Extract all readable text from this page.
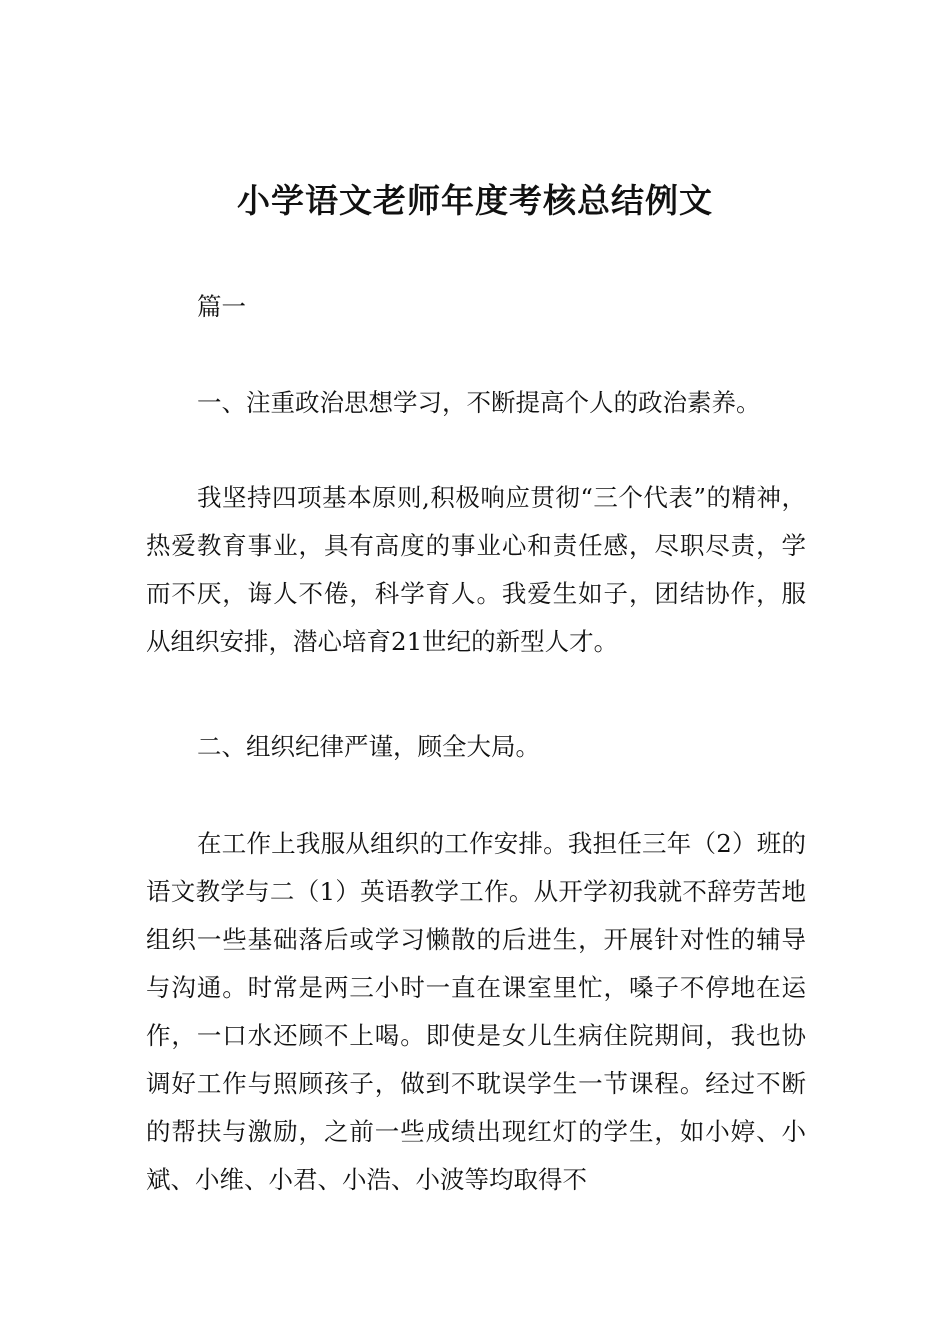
小学语文老师年度考核总结例文
篇一
一、注重政治思想学习，不断提高个人的政治素养。
我坚持四项基本原则,积极响应贯彻“三个代表”的精神，热爱教育事业，具有高度的事业心和责任感，尽职尽责，学而不厌，诲人不倦，科学育人。我爱生如子，团结协作，服从组织安排，潜心培育21世纪的新型人才。
二、组织纪律严谨，顾全大局。
在工作上我服从组织的工作安排。我担任三年（2）班的语文教学与二（1）英语教学工作。从开学初我就不辞劳苦地组织一些基础落后或学习懒散的后进生，开展针对性的辅导与沟通。时常是两三小时一直在课室里忙，嗓子不停地在运作，一口水还顾不上喝。即使是女儿生病住院期间，我也协调好工作与照顾孩子，做到不耽误学生一节课程。经过不断的帮扶与激励，之前一些成绩出现红灯的学生，如小婷、小斌、小维、小君、小浩、小波等均取得不
